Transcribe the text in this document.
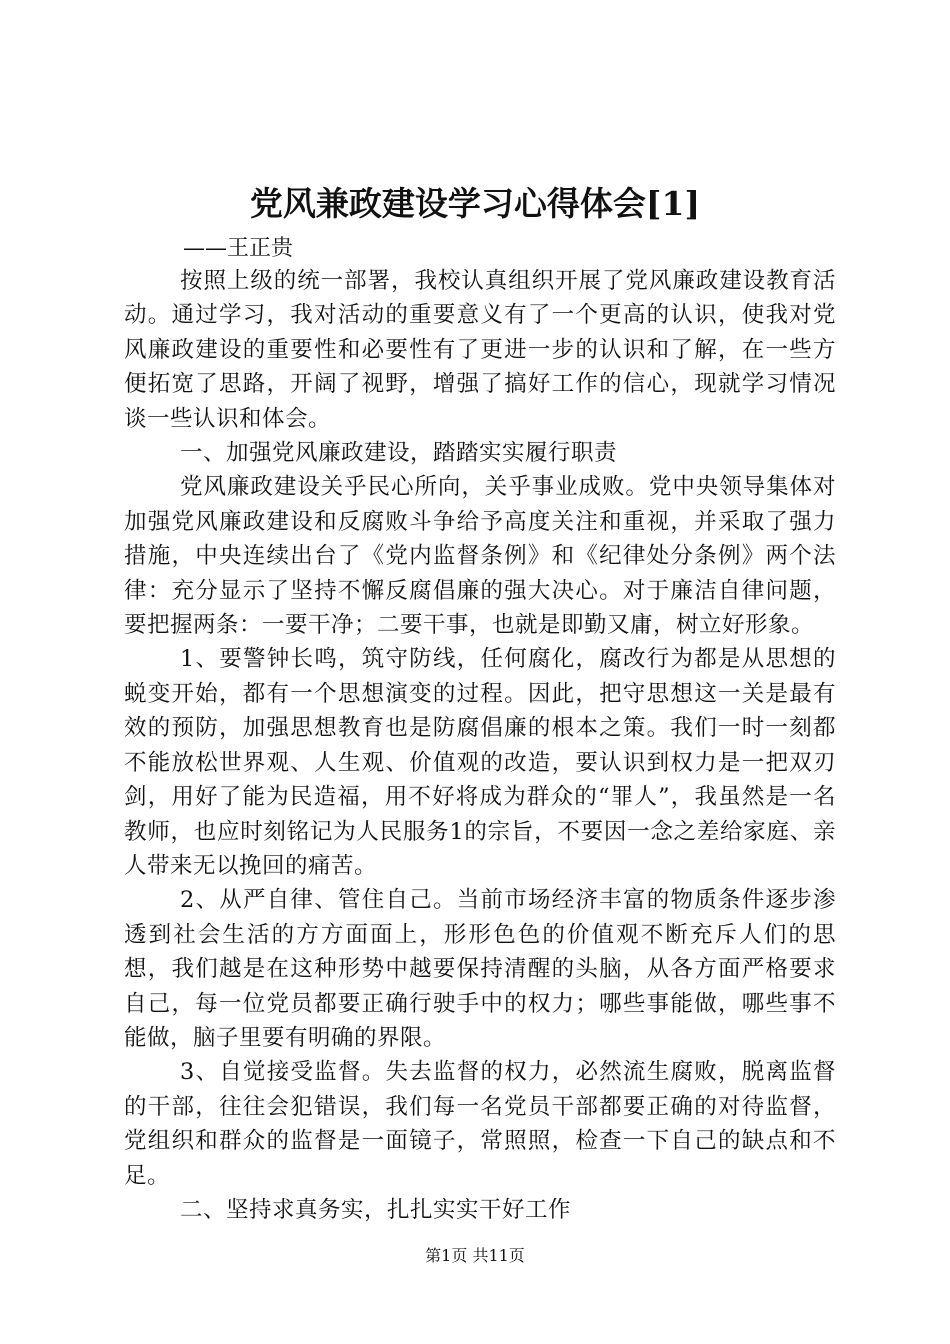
党风兼政建设学习心得体会[1]
——王正贵

按照上级的统一部署，我校认真组织开展了党风廉政建设教育活动。通过学习，我对活动的重要意义有了一个更高的认识，使我对党风廉政建设的重要性和必要性有了更进一步的认识和了解，在一些方便拓宽了思路，开阔了视野，增强了搞好工作的信心，现就学习情况谈一些认识和体会。

一、加强党风廉政建设，踏踏实实履行职责

党风廉政建设关乎民心所向，关乎事业成败。党中央领导集体对加强党风廉政建设和反腐败斗争给予高度关注和重视，并采取了强力措施，中央连续出台了《党内监督条例》和《纪律处分条例》两个法律：充分显示了坚持不懈反腐倡廉的强大决心。对于廉洁自律问题，要把握两条：一要干净；二要干事，也就是即勤又庸，树立好形象。

1、要警钟长鸣，筑守防线，任何腐化，腐改行为都是从思想的蜕变开始，都有一个思想演变的过程。因此，把守思想这一关是最有效的预防，加强思想教育也是防腐倡廉的根本之策。我们一时一刻都不能放松世界观、人生观、价值观的改造，要认识到权力是一把双刃剑，用好了能为民造福，用不好将成为群众的“罪人”，我虽然是一名教师，也应时刻铭记为人民服务1的宗旨，不要因一念之差给家庭、亲人带来无以挽回的痛苦。

2、从严自律、管住自己。当前市场经济丰富的物质条件逐步渗透到社会生活的方方面面上，形形色色的价值观不断充斥人们的思想，我们越是在这种形势中越要保持清醒的头脑，从各方面严格要求自己，每一位党员都要正确行驶手中的权力；哪些事能做，哪些事不能做，脑子里要有明确的界限。

3、自觉接受监督。失去监督的权力，必然流生腐败，脱离监督的干部，往往会犯错误，我们每一名党员干部都要正确的对待监督，党组织和群众的监督是一面镜子，常照照，检查一下自己的缺点和不足。

二、坚持求真务实，扎扎实实干好工作

第1页 共11页
